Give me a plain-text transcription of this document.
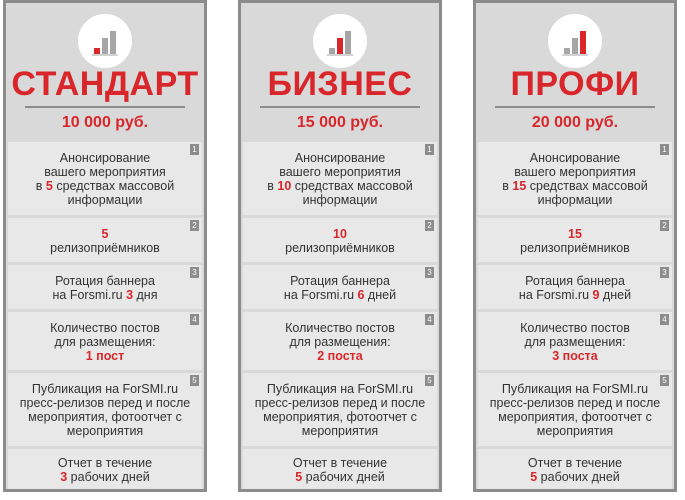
СТАНДАРТ
10 000 руб.
1
Анонсирование
вашего мероприятия
в 5 средствах массовой
информации
2
5
релизоприёмников
3
Ротация баннера
на Forsmi.ru 3 дня
4
Количество постов
для размещения:
1 пост
5
Публикация на ForSMI.ru
пресс-релизов перед и после
мероприятия, фотоотчет с
мероприятия
Отчет в течение
3 рабочих дней
БИЗНЕС
15 000 руб.
1
Анонсирование
вашего мероприятия
в 10 средствах массовой
информации
2
10
релизоприёмников
3
Ротация баннера
на Forsmi.ru 6 дней
4
Количество постов
для размещения:
2 поста
5
Публикация на ForSMI.ru
пресс-релизов перед и после
мероприятия, фотоотчет с
мероприятия
Отчет в течение
5 рабочих дней
ПРОФИ
20 000 руб.
1
Анонсирование
вашего мероприятия
в 15 средствах массовой
информации
2
15
релизоприёмников
3
Ротация баннера
на Forsmi.ru 9 дней
4
Количество постов
для размещения:
3 поста
5
Публикация на ForSMI.ru
пресс-релизов перед и после
мероприятия, фотоотчет с
мероприятия
Отчет в течение
5 рабочих дней
